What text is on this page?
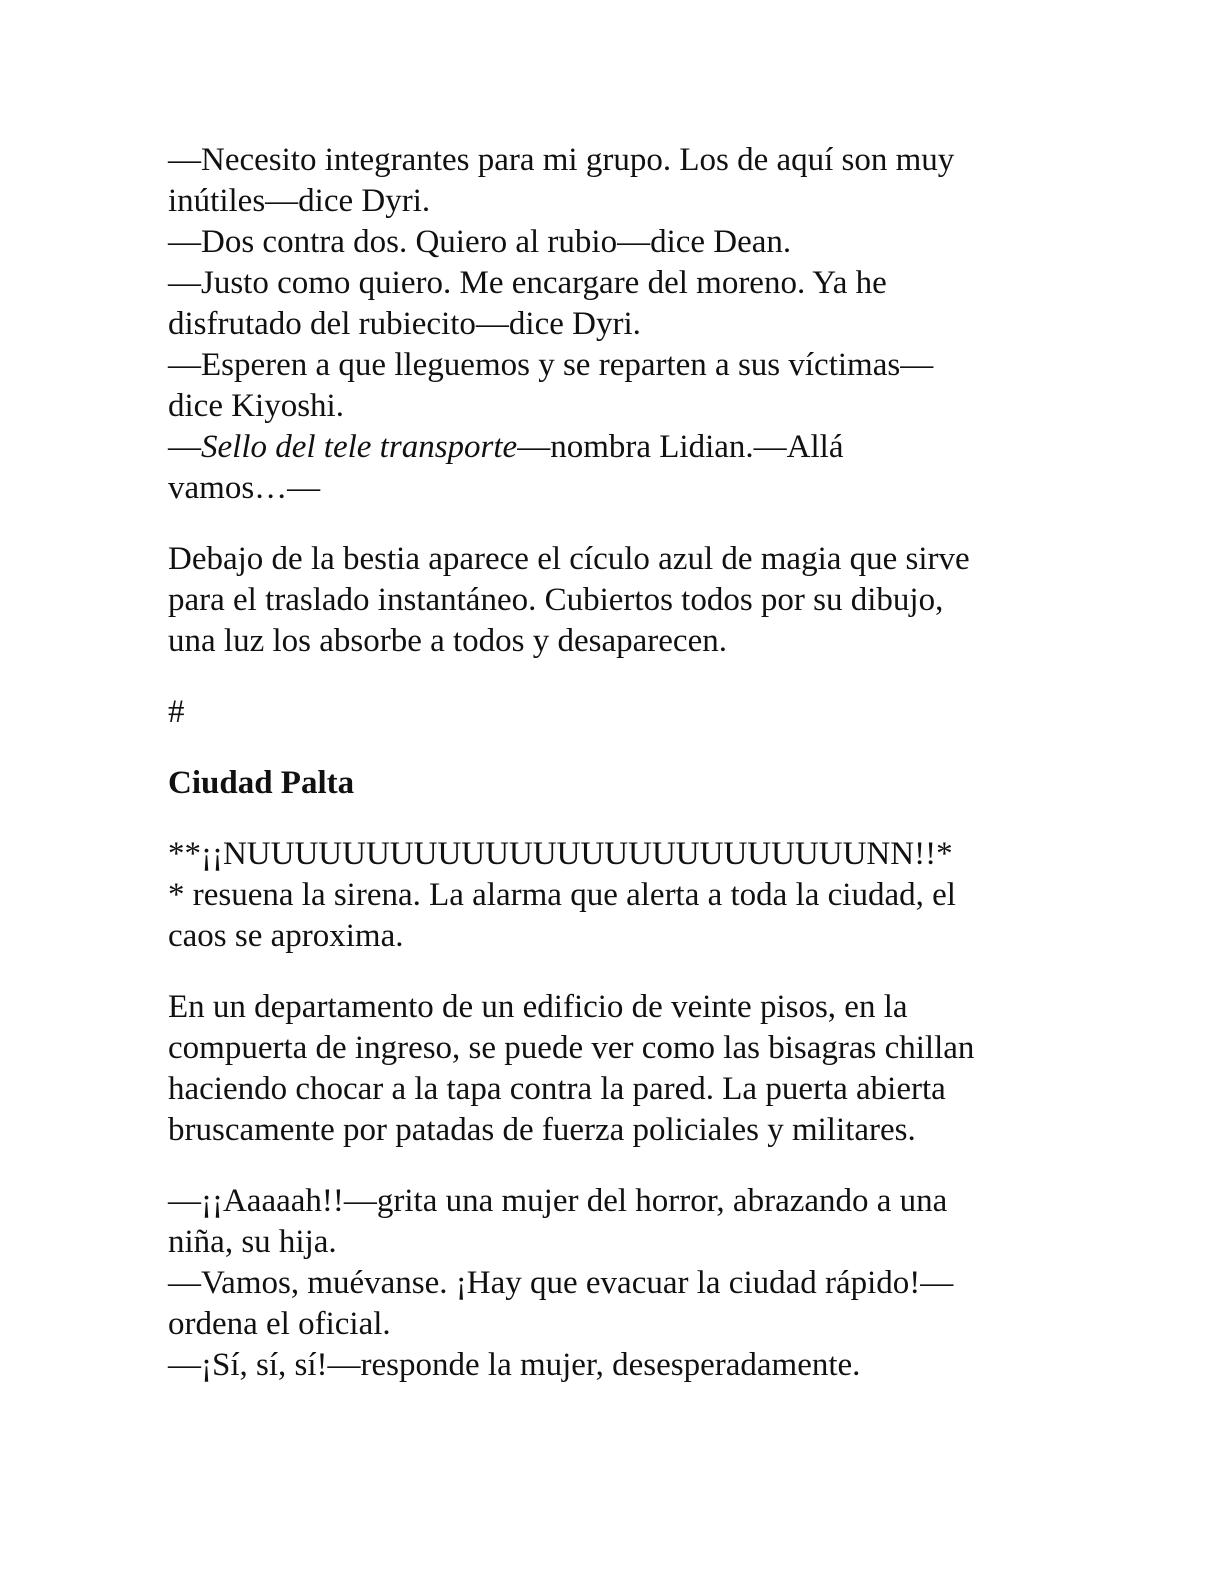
—Necesito integrantes para mi grupo. Los de aquí son muy

inútiles—dice Dyri.

—Dos contra dos. Quiero al rubio—dice Dean.

—Justo como quiero. Me encargare del moreno. Ya he

disfrutado del rubiecito—dice Dyri.

—Esperen a que lleguemos y se reparten a sus víctimas—

dice Kiyoshi.

—Sello del tele transporte—nombra Lidian.—Allá

vamos…—

Debajo de la bestia aparece el cículo azul de magia que sirve

para el traslado instantáneo. Cubiertos todos por su dibujo,

una luz los absorbe a todos y desaparecen.

#

Ciudad Palta

**¡¡NUUUUUUUUUUUUUUUUUUUUUUUUUUNN!!*

* resuena la sirena. La alarma que alerta a toda la ciudad, el

caos se aproxima.

En un departamento de un edificio de veinte pisos, en la

compuerta de ingreso, se puede ver como las bisagras chillan

haciendo chocar a la tapa contra la pared. La puerta abierta

bruscamente por patadas de fuerza policiales y militares.

—¡¡Aaaaah!!—grita una mujer del horror, abrazando a una

niña, su hija.

—Vamos, muévanse. ¡Hay que evacuar la ciudad rápido!—

ordena el oficial.

—¡Sí, sí, sí!—responde la mujer, desesperadamente.
